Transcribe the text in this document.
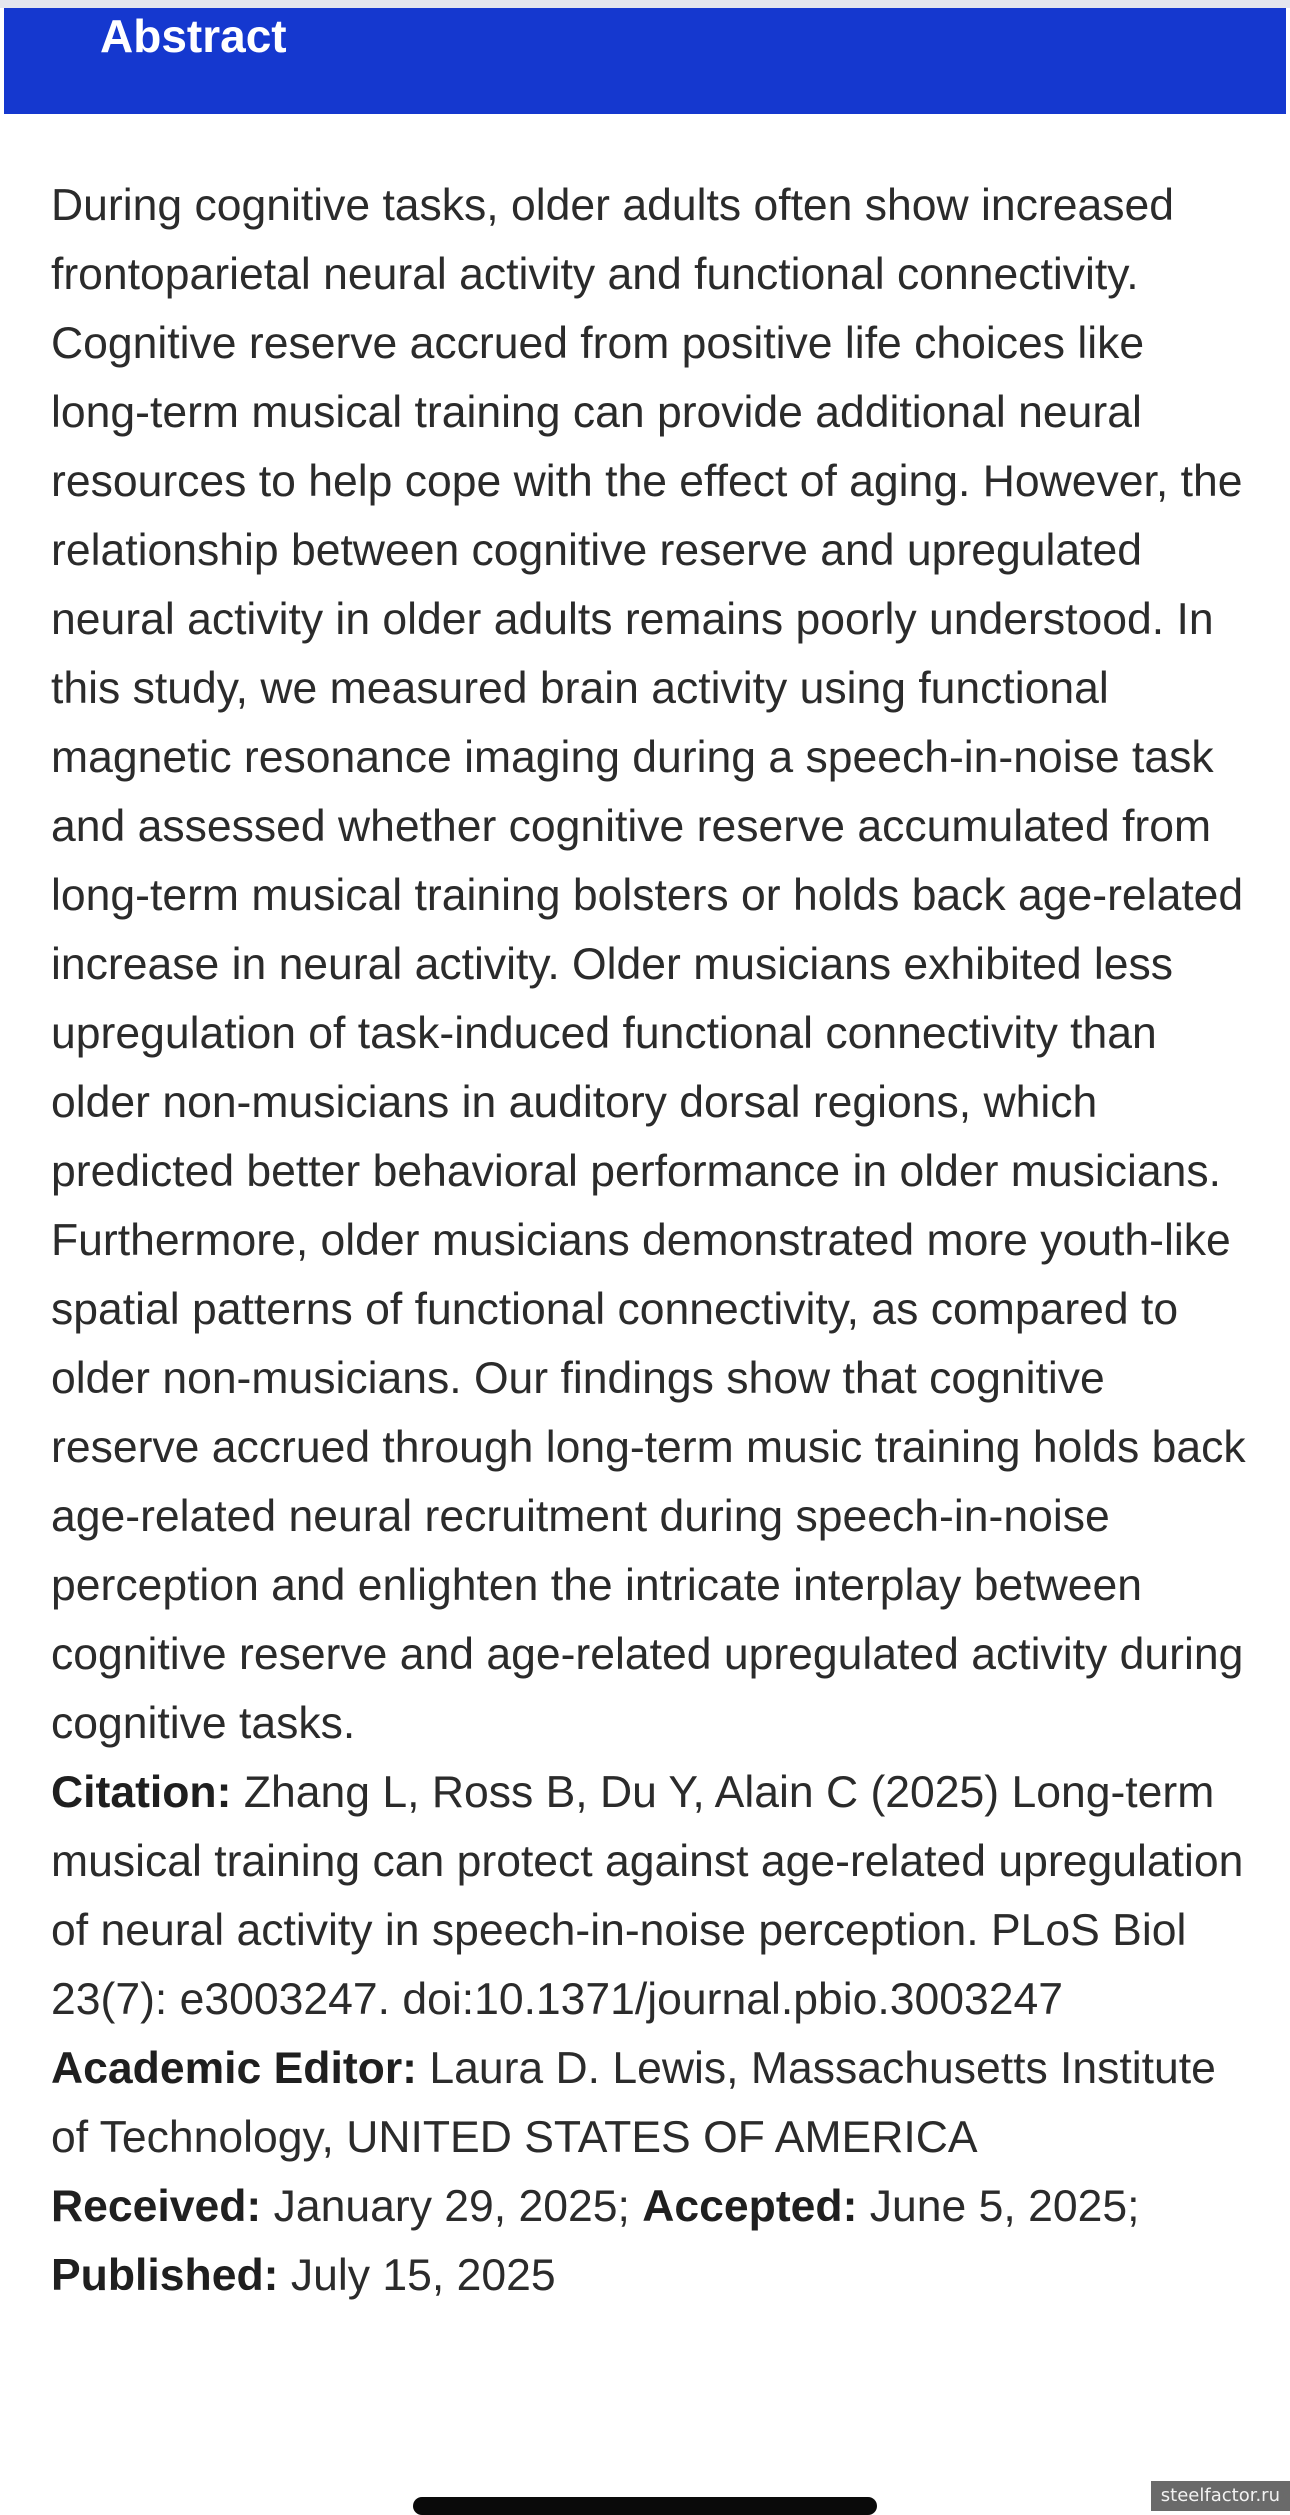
Abstract

During cognitive tasks, older adults often show increased frontoparietal neural activity and functional connectivity. Cognitive reserve accrued from positive life choices like long-term musical training can provide additional neural resources to help cope with the effect of aging. However, the relationship between cognitive reserve and upregulated neural activity in older adults remains poorly understood. In this study, we measured brain activity using functional magnetic resonance imaging during a speech-in-noise task and assessed whether cognitive reserve accumulated from long-term musical training bolsters or holds back age-related increase in neural activity. Older musicians exhibited less upregulation of task-induced functional connectivity than older non-musicians in auditory dorsal regions, which predicted better behavioral performance in older musicians. Furthermore, older musicians demonstrated more youth-like spatial patterns of functional connectivity, as compared to older non-musicians. Our findings show that cognitive reserve accrued through long-term music training holds back age-related neural recruitment during speech-in-noise perception and enlighten the intricate interplay between cognitive reserve and age-related upregulated activity during cognitive tasks.

Citation: Zhang L, Ross B, Du Y, Alain C (2025) Long-term musical training can protect against age-related upregulation of neural activity in speech-in-noise perception. PLoS Biol 23(7): e3003247. doi:10.1371/journal.pbio.3003247

Academic Editor: Laura D. Lewis, Massachusetts Institute of Technology, UNITED STATES OF AMERICA

Received: January 29, 2025; Accepted: June 5, 2025; Published: July 15, 2025

steelfactor.ru
